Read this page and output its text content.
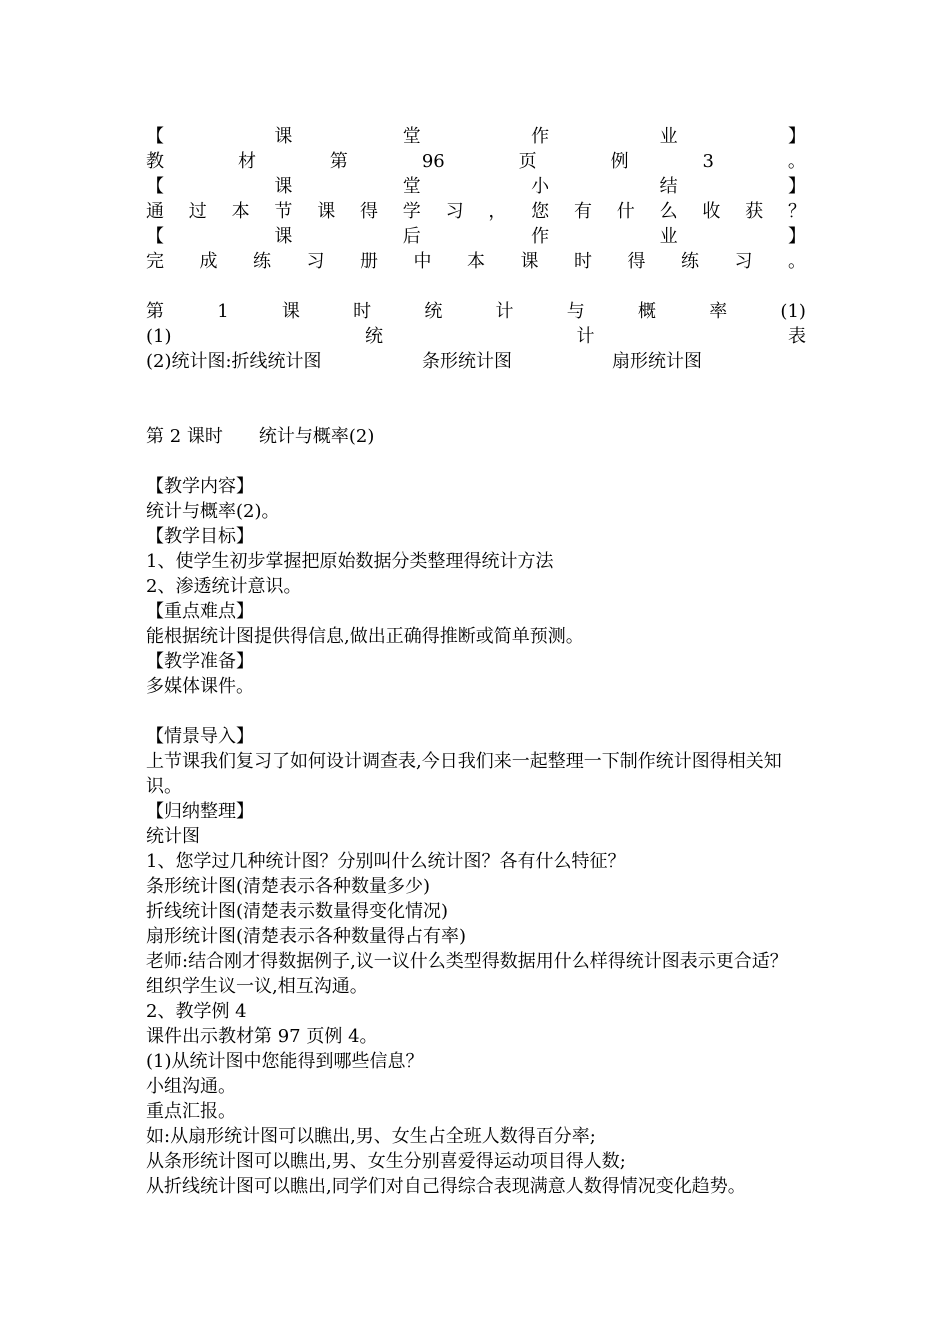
【	课	堂	作	业	】
教	材	第	96	页	例	3	。
【	课	堂	小	结	】
通 过 本 节 课 得 学 习 ， 您 有 什 么 收 获 ？
【	课	后	作	业	】
完 成 练 习 册 中 本 课 时 得 练 习 。
第	1	课	时	统	计	与	概	率	(1)
(1)	统	计	表
(2)统计图:折线统计图	条形统计图	扇形统计图
第 2 课时　　统计与概率(2)
【教学内容】
统计与概率(2)。
【教学目标】
1、使学生初步掌握把原始数据分类整理得统计方法
2、渗透统计意识。
【重点难点】
能根据统计图提供得信息,做出正确得推断或简单预测。
【教学准备】
多媒体课件。
【情景导入】
上节课我们复习了如何设计调查表,今日我们来一起整理一下制作统计图得相关知识。
【归纳整理】
统计图
1、您学过几种统计图？分别叫什么统计图？各有什么特征？
条形统计图(清楚表示各种数量多少)
折线统计图(清楚表示数量得变化情况)
扇形统计图(清楚表示各种数量得占有率)
老师:结合刚才得数据例子,议一议什么类型得数据用什么样得统计图表示更合适？
组织学生议一议,相互沟通。
2、教学例 4
课件出示教材第 97 页例 4。
(1)从统计图中您能得到哪些信息？
小组沟通。
重点汇报。
如:从扇形统计图可以瞧出,男、女生占全班人数得百分率;
从条形统计图可以瞧出,男、女生分别喜爱得运动项目得人数;
从折线统计图可以瞧出,同学们对自己得综合表现满意人数得情况变化趋势。
